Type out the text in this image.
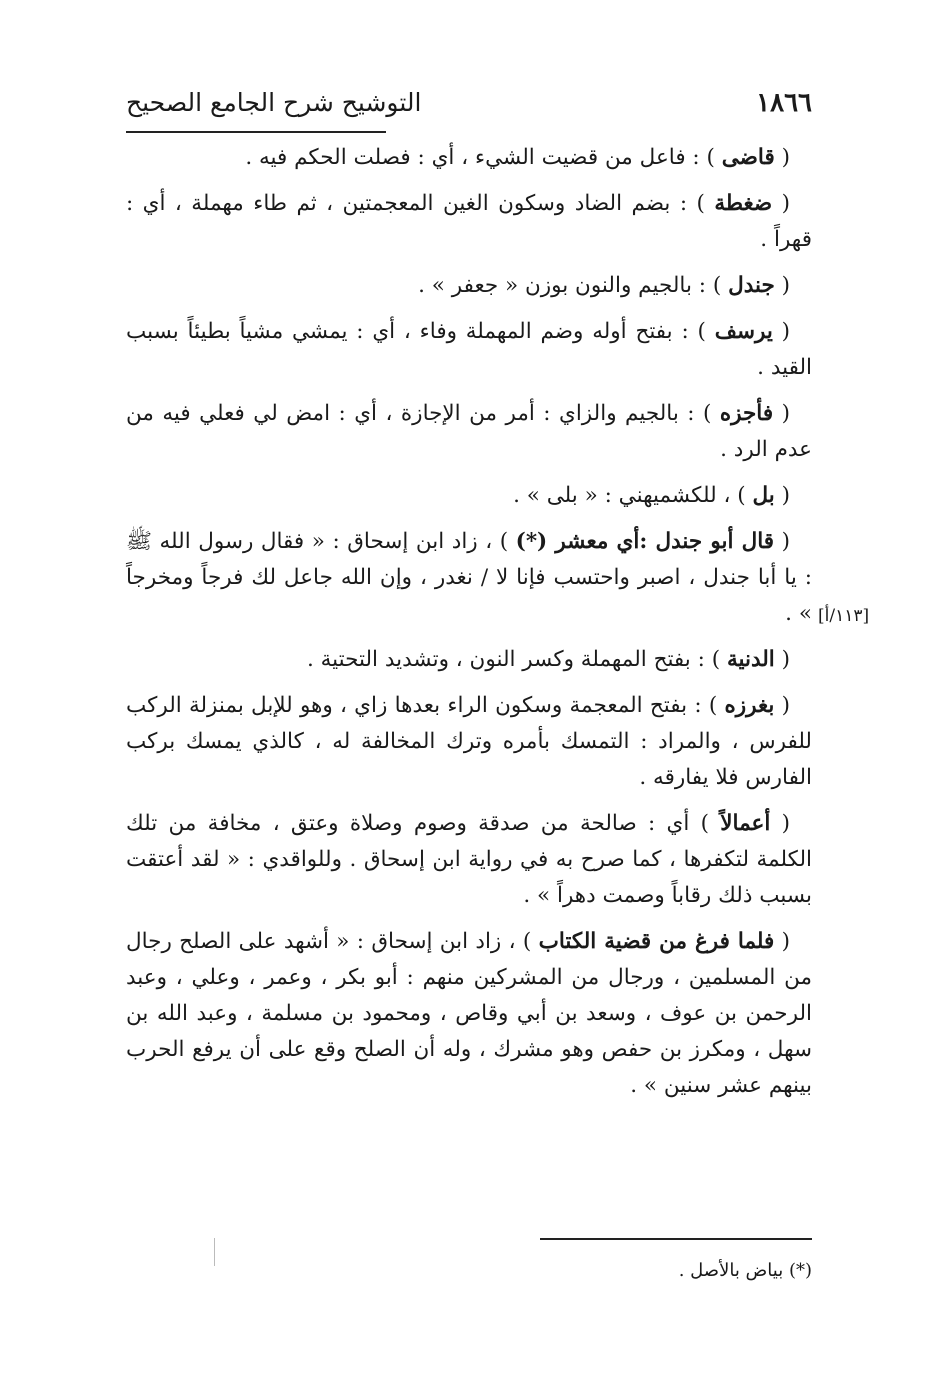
١٨٦٦
التوشيح شرح الجامع الصحيح

( قاضى ) : فاعل من قضيت الشيء ، أي : فصلت الحكم فيه .

( ضغطة ) : بضم الضاد وسكون الغين المعجمتين ، ثم طاء مهملة ، أي : قهراً .

( جندل ) : بالجيم والنون بوزن « جعفر » .

( يرسف ) : بفتح أوله وضم المهملة وفاء ، أي : يمشي مشياً بطيئاً بسبب القيد .

( فأجزه ) : بالجيم والزاي : أمر من الإجازة ، أي : امض لي فعلي فيه من عدم الرد .

( بل ) ، للكشميهني : « بلى » .

( قال أبو جندل :أي معشر (*) ) ، زاد ابن إسحاق : « فقال رسول الله ﷺ : يا أبا جندل ، اصبر واحتسب فإنا لا / نغدر ، وإن الله جاعل لك فرجاً ومخرجاً » .

( الدنية ) : بفتح المهملة وكسر النون ، وتشديد التحتية .

( بغرزه ) : بفتح المعجمة وسكون الراء بعدها زاي ، وهو للإبل بمنزلة الركب للفرس ، والمراد : التمسك بأمره وترك المخالفة له ، كالذي يمسك بركب الفارس فلا يفارقه .

( أعمالاً ) أي : صالحة من صدقة وصوم وصلاة وعتق ، مخافة من تلك الكلمة لتكفرها ، كما صرح به في رواية ابن إسحاق . وللواقدي : « لقد أعتقت بسبب ذلك رقاباً وصمت دهراً » .

( فلما فرغ من قضية الكتاب ) ، زاد ابن إسحاق : « أشهد على الصلح رجال من المسلمين ، ورجال من المشركين منهم : أبو بكر ، وعمر ، وعلي ، وعبد الرحمن بن عوف ، وسعد بن أبي وقاص ، ومحمود بن مسلمة ، وعبد الله بن سهل ، ومكرز بن حفص وهو مشرك ، وله أن الصلح وقع على أن يرفع الحرب بينهم عشر سنين » .

[١١٣/أ]
(*) بياض بالأصل .
